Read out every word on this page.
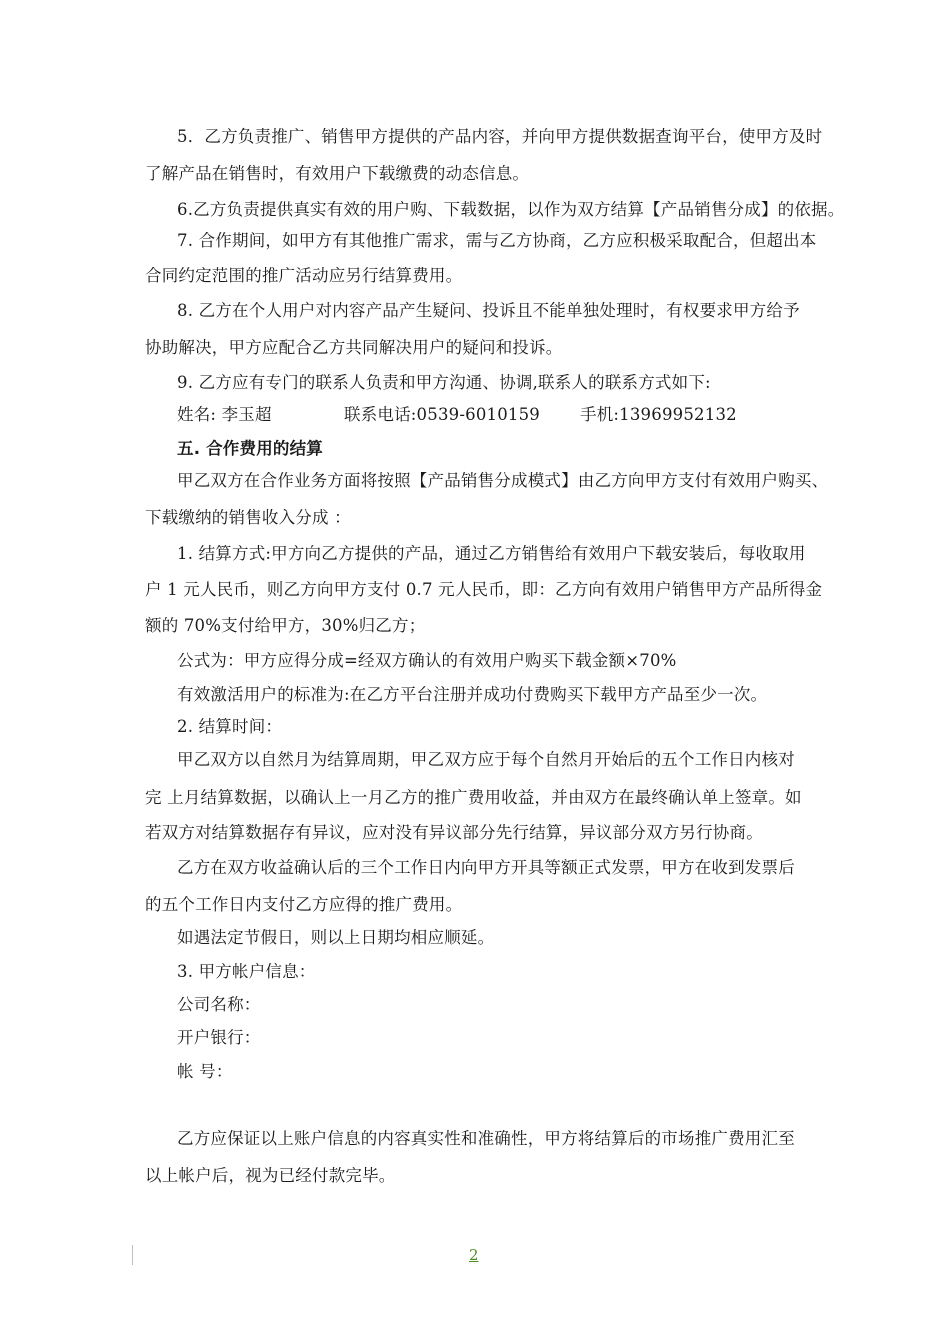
5．乙方负责推广、销售甲方提供的产品内容，并向甲方提供数据查询平台，使甲方及时
了解产品在销售时，有效用户下载缴费的动态信息。
6.乙方负责提供真实有效的用户购、下载数据，以作为双方结算【产品销售分成】的依据。
7. 合作期间，如甲方有其他推广需求，需与乙方协商，乙方应积极采取配合，但超出本
合同约定范围的推广活动应另行结算费用。
8. 乙方在个人用户对内容产品产生疑问、投诉且不能单独处理时，有权要求甲方给予
协助解决，甲方应配合乙方共同解决用户的疑问和投诉。
9. 乙方应有专门的联系人负责和甲方沟通、协调,联系人的联系方式如下:
姓名: 李玉超	联系电话:0539-6010159 手机:13969952132
五. 合作费用的结算
甲乙双方在合作业务方面将按照【产品销售分成模式】由乙方向甲方支付有效用户购买、
下载缴纳的销售收入分成 ：
1. 结算方式:甲方向乙方提供的产品，通过乙方销售给有效用户下载安装后，每收取用
户 1 元人民币，则乙方向甲方支付 0.7 元人民币，即：乙方向有效用户销售甲方产品所得金
额的 70%支付给甲方，30%归乙方；
公式为：甲方应得分成=经双方确认的有效用户购买下载金额×70%
有效激活用户的标准为:在乙方平台注册并成功付费购买下载甲方产品至少一次。
2. 结算时间：
甲乙双方以自然月为结算周期，甲乙双方应于每个自然月开始后的五个工作日内核对
完 上月结算数据，以确认上一月乙方的推广费用收益，并由双方在最终确认单上签章。如
若双方对结算数据存有异议，应对没有异议部分先行结算，异议部分双方另行协商。
乙方在双方收益确认后的三个工作日内向甲方开具等额正式发票，甲方在收到发票后
的五个工作日内支付乙方应得的推广费用。
如遇法定节假日，则以上日期均相应顺延。
3. 甲方帐户信息：
公司名称：
开户银行：
帐 号：
乙方应保证以上账户信息的内容真实性和准确性，甲方将结算后的市场推广费用汇至
以上帐户后，视为已经付款完毕。
2
